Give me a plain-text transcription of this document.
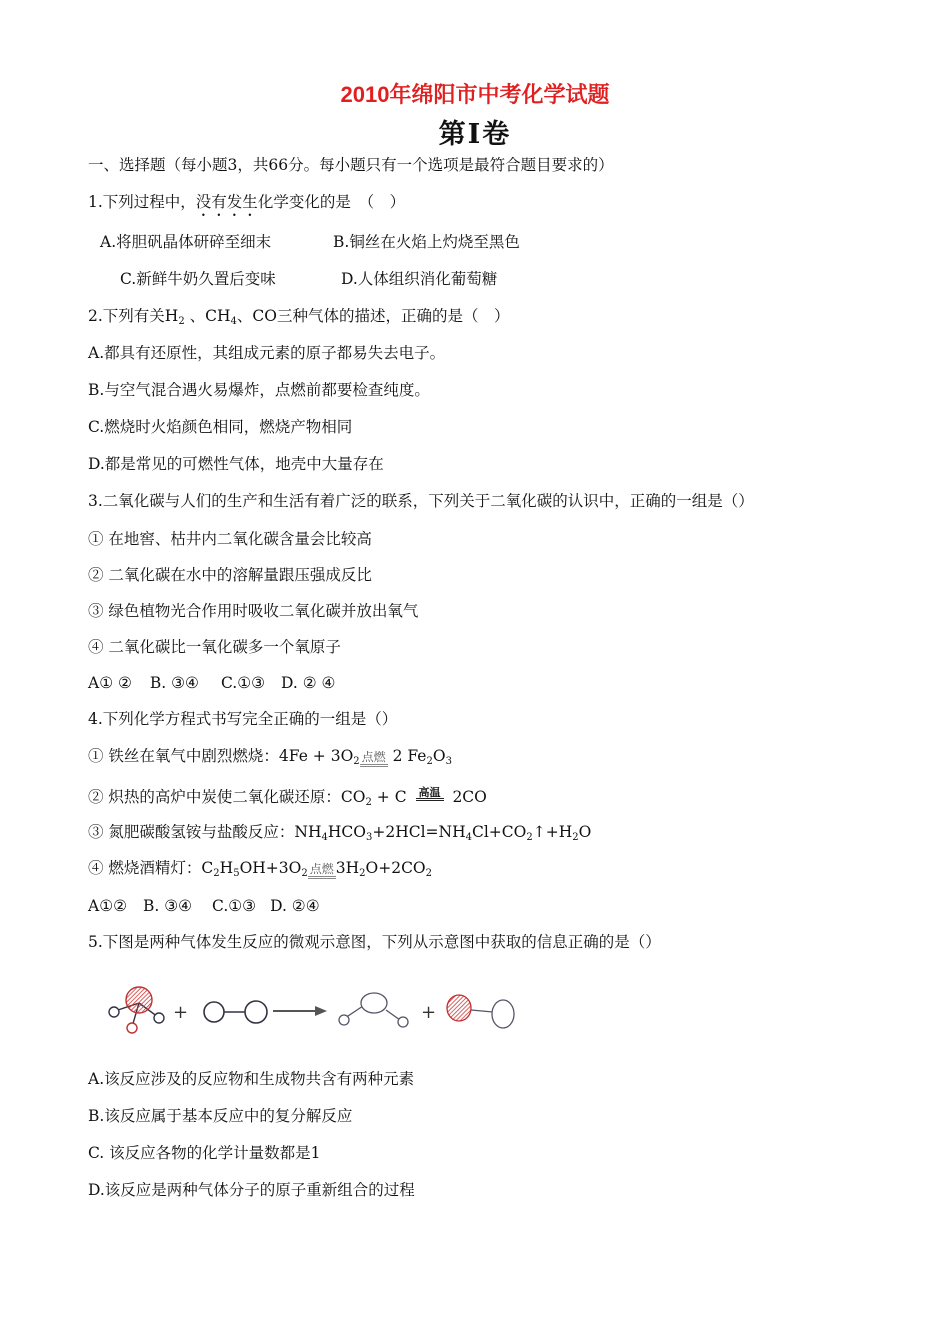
2010年绵阳市中考化学试题
第Ⅰ卷
一、选择题（每小题3，共66分。每小题只有一个选项是最符合题目要求的）
1.下列过程中，没有发生化学变化的是　（　）
A.将胆矾晶体研碎至细末	B.铜丝在火焰上灼烧至黑色
C.新鲜牛奶久置后变味	D.人体组织消化葡萄糖
2.下列有关$H_2$ 、$CH_4$、CO三种气体的描述，正确的是（　）
A.都具有还原性，其组成元素的原子都易失去电子。
B.与空气混合遇火易爆炸，点燃前都要检查纯度。
C.燃烧时火焰颜色相同，燃烧产物相同
D.都是常见的可燃性气体，地壳中大量存在
3.二氧化碳与人们的生产和生活有着广泛的联系，下列关于二氧化碳的认识中，正确的一组是（）
① 在地窖、枯井内二氧化碳含量会比较高
② 二氧化碳在水中的溶解量跟压强成反比
③ 绿色植物光合作用时吸收二氧化碳并放出氧气
④ 二氧化碳比一氧化碳多一个氧原子
A① ② B. ③④ C.①③ D. ② ④
4.下列化学方程式书写完全正确的一组是（）
① 铁丝在氧气中剧烈燃烧：$4Fe + 3O_2$ 点燃 2 $Fe_2O_3$
② 炽热的高炉中炭使二氧化碳还原：$CO_2 + C$ 高温 2CO
③ 氮肥碳酸氢铵与盐酸反应：$NH_4HCO_3+2HCl=NH_4Cl+CO_2↑+H_2O$
④ 燃烧酒精灯：$C_2H_5OH+3O_2$ 点燃 $3H_2O+2CO_2$
A①② B. ③④ C.①③ D. ②④
5.下图是两种气体发生反应的微观示意图，下列从示意图中获取的信息正确的是（）
+	+
A.该反应涉及的反应物和生成物共含有两种元素
B.该反应属于基本反应中的复分解反应
C. 该反应各物的化学计量数都是1
D.该反应是两种气体分子的原子重新组合的过程
